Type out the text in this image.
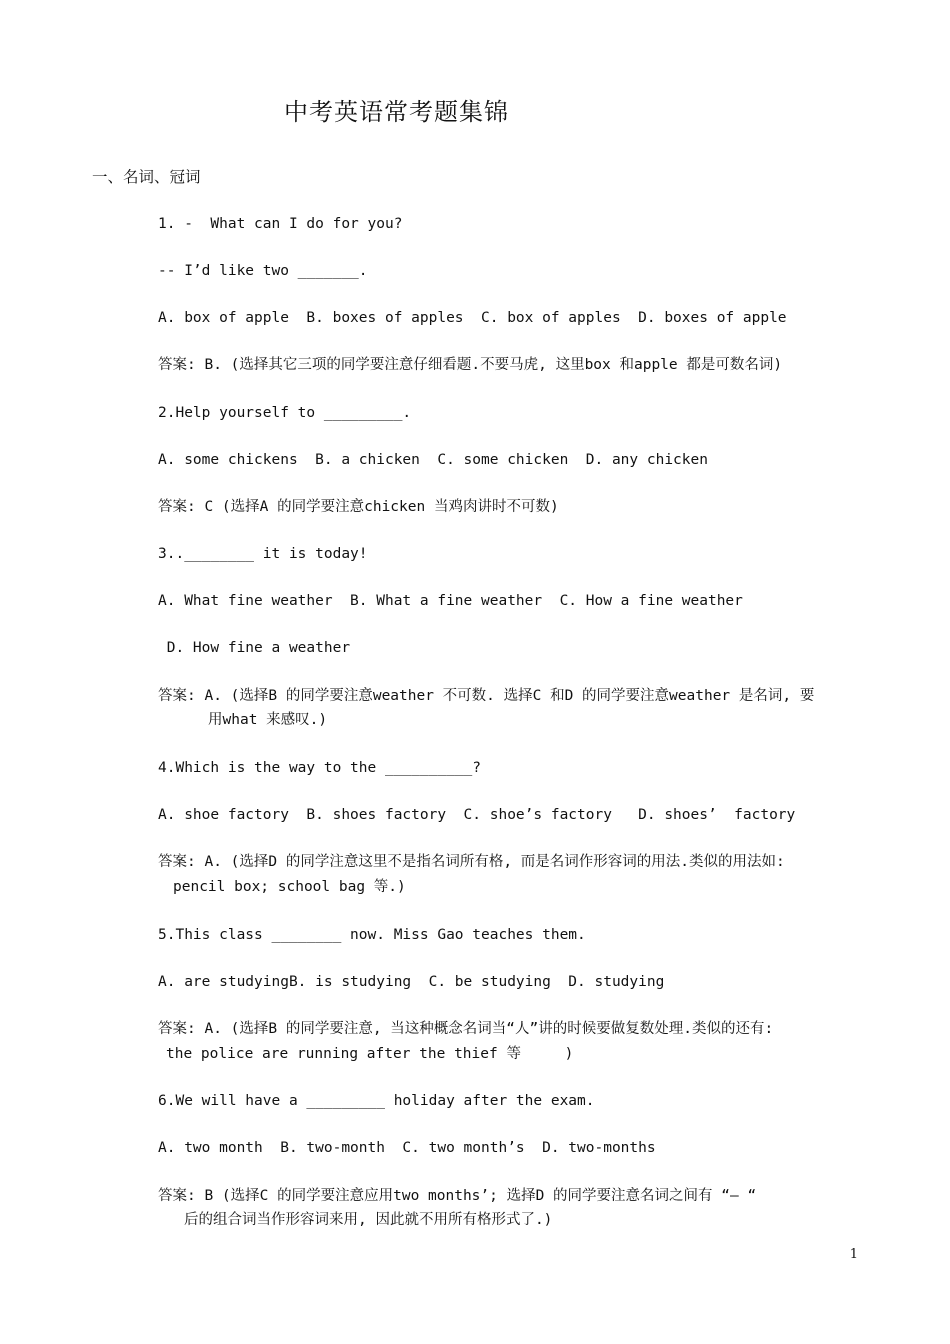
中考英语常考题集锦
一、名词、冠词
1. -  What can I do for you?
-- I’d like two _______.
A. box of apple  B. boxes of apples  C. box of apples  D. boxes of apple
答案: B. (选择其它三项的同学要注意仔细看题.不要马虎, 这里box 和apple 都是可数名词)
2.Help yourself to _________.
A. some chickens  B. a chicken  C. some chicken  D. any chicken
答案: C (选择A 的同学要注意chicken 当鸡肉讲时不可数)
3..________ it is today!
A. What fine weather  B. What a fine weather  C. How a fine weather
D. How fine a weather
答案: A. (选择B 的同学要注意weather 不可数. 选择C 和D 的同学要注意weather 是名词, 要
用what 来感叹.)
4.Which is the way to the __________?
A. shoe factory  B. shoes factory  C. shoe’s factory   D. shoes’  factory
答案: A. (选择D 的同学注意这里不是指名词所有格, 而是名词作形容词的用法.类似的用法如:
pencil box; school bag 等.)
5.This class ________ now. Miss Gao teaches them.
A. are studyingB. is studying  C. be studying  D. studying
答案: A. (选择B 的同学要注意, 当这种概念名词当“人”讲的时候要做复数处理.类似的还有:
the police are running after the thief 等     )
6.We will have a _________ holiday after the exam.
A. two month  B. two-month  C. two month’s  D. two-months
答案: B (选择C 的同学要注意应用two months’; 选择D 的同学要注意名词之间有 “— “
后的组合词当作形容词来用, 因此就不用所有格形式了.)
1
